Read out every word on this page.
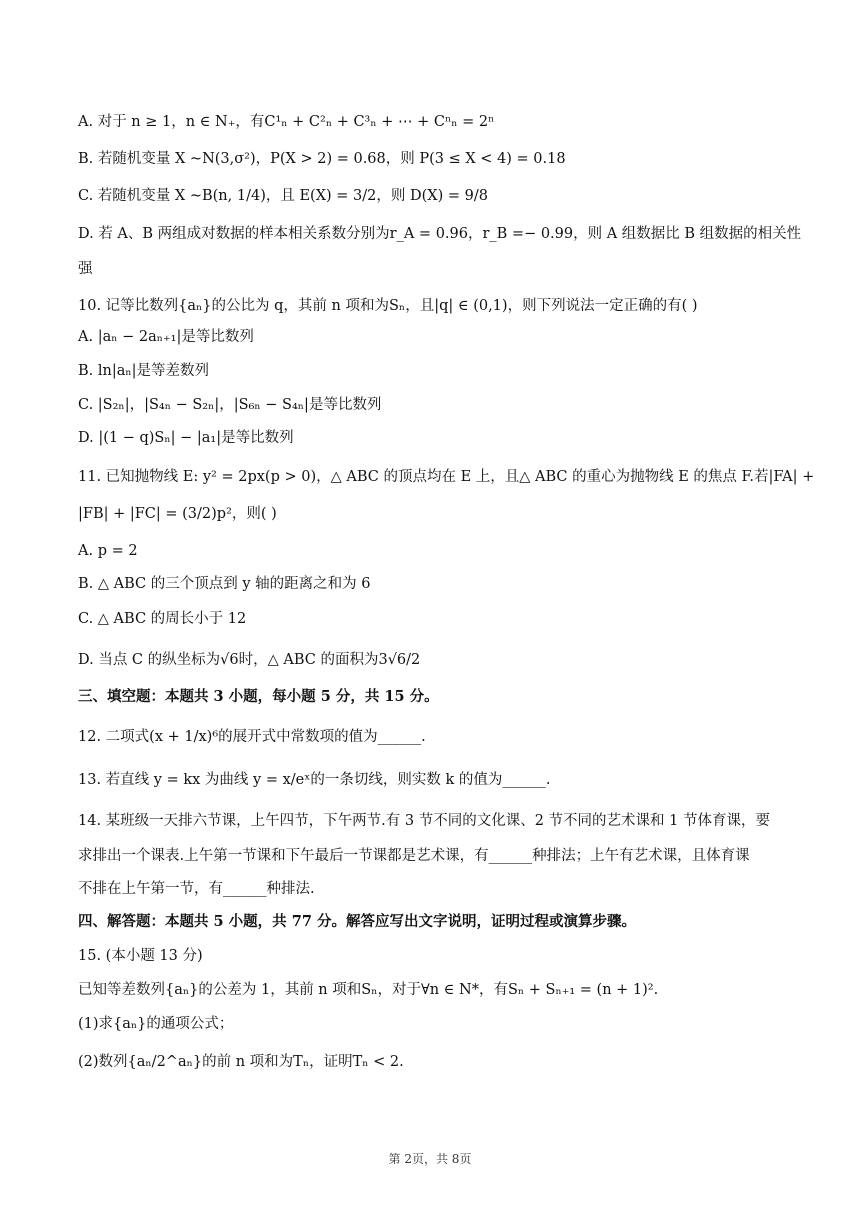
A. 对于 n ≥ 1，n ∈ N₊，有C¹ₙ + C²ₙ + C³ₙ + ⋯ + Cⁿₙ = 2ⁿ
B. 若随机变量 X ~N(3,σ²)，P(X > 2) = 0.68，则 P(3 ≤ X < 4) = 0.18
C. 若随机变量 X ~B(n, 1/4)，且 E(X) = 3/2，则 D(X) = 9/8
D. 若 A、B 两组成对数据的样本相关系数分别为r_A = 0.96，r_B =− 0.99，则 A 组数据比 B 组数据的相关性
强
10. 记等比数列{aₙ}的公比为 q，其前 n 项和为Sₙ，且|q| ∈ (0,1)，则下列说法一定正确的有( )
A. |aₙ − 2aₙ₊₁|是等比数列
B. ln|aₙ|是等差数列
C. |S₂ₙ|，|S₄ₙ − S₂ₙ|，|S₆ₙ − S₄ₙ|是等比数列
D. |(1 − q)Sₙ| − |a₁|是等比数列
11. 已知抛物线 E: y² = 2px(p > 0)，△ ABC 的顶点均在 E 上，且△ ABC 的重心为抛物线 E 的焦点 F.若|FA| +
|FB| + |FC| = (3/2)p²，则( )
A. p = 2
B. △ ABC 的三个顶点到 y 轴的距离之和为 6
C. △ ABC 的周长小于 12
D. 当点 C 的纵坐标为√6时，△ ABC 的面积为3√6/2
三、填空题：本题共 3 小题，每小题 5 分，共 15 分。
12. 二项式(x + 1/x)⁶的展开式中常数项的值为______.
13. 若直线 y = kx 为曲线 y = x/eˣ的一条切线，则实数 k 的值为______.
14. 某班级一天排六节课，上午四节，下午两节.有 3 节不同的文化课、2 节不同的艺术课和 1 节体育课，要
求排出一个课表.上午第一节课和下午最后一节课都是艺术课，有______种排法；上午有艺术课，且体育课
不排在上午第一节，有______种排法.
四、解答题：本题共 5 小题，共 77 分。解答应写出文字说明，证明过程或演算步骤。
15. (本小题 13 分)
已知等差数列{aₙ}的公差为 1，其前 n 项和Sₙ，对于∀n ∈ N*，有Sₙ + Sₙ₊₁ = (n + 1)².
(1)求{aₙ}的通项公式；
(2)数列{aₙ/2^aₙ}的前 n 项和为Tₙ，证明Tₙ < 2.
第 2页，共 8页
